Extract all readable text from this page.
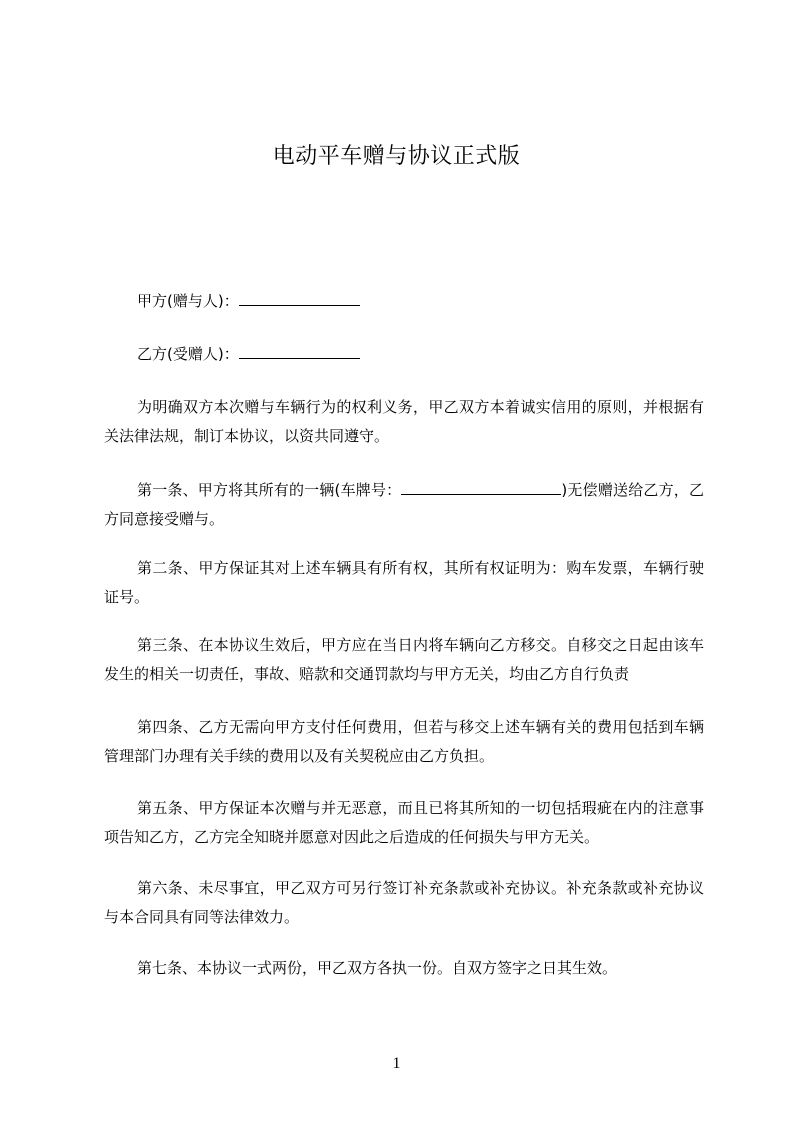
电动平车赠与协议正式版
甲方(赠与人)：
乙方(受赠人)：
为明确双方本次赠与车辆行为的权利义务，甲乙双方本着诚实信用的原则，并根据有关法律法规，制订本协议，以资共同遵守。
第一条、甲方将其所有的一辆(车牌号：	)无偿赠送给乙方，乙方同意接受赠与。
第二条、甲方保证其对上述车辆具有所有权，其所有权证明为：购车发票，车辆行驶证号。
第三条、在本协议生效后，甲方应在当日内将车辆向乙方移交。自移交之日起由该车发生的相关一切责任，事故、赔款和交通罚款均与甲方无关，均由乙方自行负责
第四条、乙方无需向甲方支付任何费用，但若与移交上述车辆有关的费用包括到车辆管理部门办理有关手续的费用以及有关契税应由乙方负担。
第五条、甲方保证本次赠与并无恶意，而且已将其所知的一切包括瑕疵在内的注意事项告知乙方，乙方完全知晓并愿意对因此之后造成的任何损失与甲方无关。
第六条、未尽事宜，甲乙双方可另行签订补充条款或补充协议。补充条款或补充协议与本合同具有同等法律效力。
第七条、本协议一式两份，甲乙双方各执一份。自双方签字之日其生效。
1
